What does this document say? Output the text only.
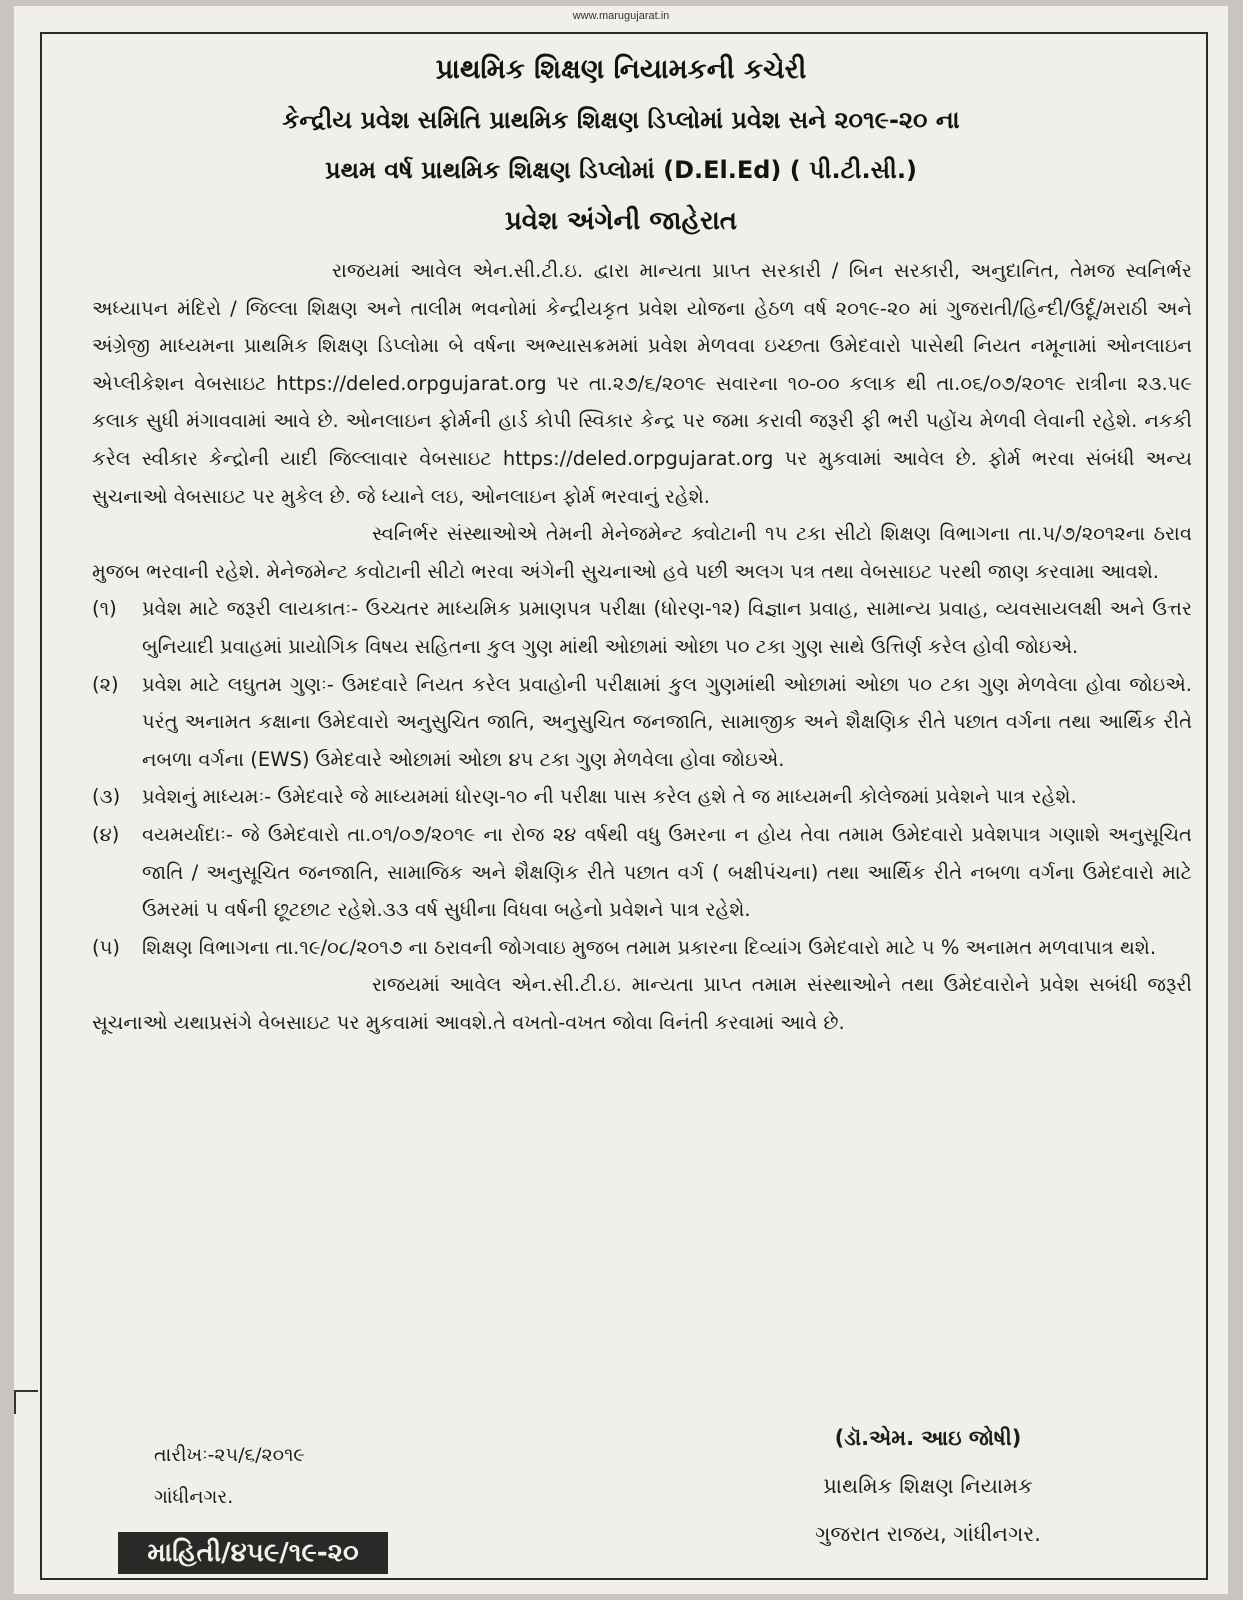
www.marugujarat.in
પ્રાથમિક શિક્ષણ નિયામકની કચેરી
કેન્દ્રીય પ્રવેશ સમિતિ પ્રાથમિક શિક્ષણ ડિપ્લોમાં પ્રવેશ સને ૨૦૧૯-૨૦ ના
પ્રથમ વર્ષ પ્રાથમિક શિક્ષણ ડિપ્લોમાં (D.El.Ed) ( પી.ટી.સી.)
પ્રવેશ અંગેની જાહેરાત

રાજયમાં આવેલ એન.સી.ટી.ઇ. દ્વારા માન્યતા પ્રાપ્ત સરકારી / બિન સરકારી, અનુદાનિત, તેમજ સ્વનિર્ભર અધ્યાપન મંદિરો / જિલ્લા શિક્ષણ અને તાલીમ ભવનોમાં કેન્દ્રીયકૃત પ્રવેશ યોજના હેઠળ વર્ષ ૨૦૧૯-૨૦ માં ગુજરાતી/હિન્દી/ઉર્દૂ/મરાઠી અને અંગ્રેજી માધ્યમના પ્રાથમિક શિક્ષણ ડિપ્લોમા બે વર્ષના અભ્યાસક્રમમાં પ્રવેશ મેળવવા ઇચ્છતા ઉમેદવારો પાસેથી નિયત નમૂનામાં ઓનલાઇન એપ્લીકેશન વેબસાઇટ https://deled.orpgujarat.org પર તા.૨૭/૬/૨૦૧૯ સવારના ૧૦-૦૦ કલાક થી તા.૦૬/૦૭/૨૦૧૯ રાત્રીના ૨૩.૫૯ કલાક સુધી મંગાવવામાં આવે છે. ઓનલાઇન ફોર્મની હાર્ડ કોપી સ્વિકાર કેન્દ્ર પર જમા કરાવી જરૂરી ફી ભરી પહોંચ મેળવી લેવાની રહેશે. નકકી કરેલ સ્વીકાર કેન્દ્રોની યાદી જિલ્લાવાર વેબસાઇટ https://deled.orpgujarat.org પર મુકવામાં આવેલ છે. ફોર્મ ભરવા સંબંધી અન્ય સુચનાઓ વેબસાઇટ પર મુકેલ છે. જે ધ્યાને લઇ, ઓનલાઇન ફોર્મ ભરવાનું રહેશે.

સ્વનિર્ભર સંસ્થાઓએ તેમની મેનેજમેન્ટ ક્વોટાની ૧૫ ટકા સીટો શિક્ષણ વિભાગના તા.૫/૭/૨૦૧૨ના ઠરાવ મુજબ ભરવાની રહેશે. મેનેજમેન્ટ કવોટાની સીટો ભરવા અંગેની સુચનાઓ હવે પછી અલગ પત્ર તથા વેબસાઇટ પરથી જાણ કરવામા આવશે.

(૧)	પ્રવેશ માટે જરૂરી લાયકાતઃ- ઉચ્ચતર માધ્યમિક પ્રમાણપત્ર પરીક્ષા (ધોરણ-૧૨) વિજ્ઞાન પ્રવાહ, સામાન્ય પ્રવાહ, વ્યવસાયલક્ષી અને ઉત્તર બુનિયાદી પ્રવાહમાં પ્રાયોગિક વિષય સહિતના કુલ ગુણ માંથી ઓછામાં ઓછા ૫૦ ટકા ગુણ સાથે ઉત્તિર્ણ કરેલ હોવી જોઇએ.
(૨)	પ્રવેશ માટે લઘુતમ ગુણઃ- ઉમદવારે નિયત કરેલ પ્રવાહોની પરીક્ષામાં કુલ ગુણમાંથી ઓછામાં ઓછા ૫૦ ટકા ગુણ મેળવેલા હોવા જોઇએ. પરંતુ અનામત કક્ષાના ઉમેદવારો અનુસુચિત જાતિ, અનુસુચિત જનજાતિ, સામાજીક અને શૈક્ષણિક રીતે પછાત વર્ગના તથા આર્થિક રીતે નબળા વર્ગના (EWS) ઉમેદવારે ઓછામાં ઓછા ૪૫ ટકા ગુણ મેળવેલા હોવા જોઇએ.
(૩)	પ્રવેશનું માધ્યમઃ- ઉમેદવારે જે માધ્યમમાં ધોરણ-૧૦ ની પરીક્ષા પાસ કરેલ હશે તે જ માધ્યમની કોલેજમાં પ્રવેશને પાત્ર રહેશે.
(૪)	વયમર્યાદાઃ- જે ઉમેદવારો તા.૦૧/૦૭/૨૦૧૯ ના રોજ ૨૪ વર્ષથી વધુ ઉમરના ન હોય તેવા તમામ ઉમેદવારો પ્રવેશપાત્ર ગણાશે અનુસૂચિત જાતિ / અનુસૂચિત જનજાતિ, સામાજિક અને શૈક્ષણિક રીતે પછાત વર્ગ ( બક્ષીપંચના) તથા આર્થિક રીતે નબળા વર્ગના ઉમેદવારો માટે ઉમરમાં ૫ વર્ષની છૂટછાટ રહેશે.૩૩ વર્ષ સુધીના વિધવા બહેનો પ્રવેશને પાત્ર રહેશે.
(૫)	શિક્ષણ વિભાગના તા.૧૯/૦૮/૨૦૧૭ ના ઠરાવની જોગવાઇ મુજબ તમામ પ્રકારના દિવ્યાંગ ઉમેદવારો માટે ૫ % અનામત મળવાપાત્ર થશે.

રાજયમાં આવેલ એન.સી.ટી.ઇ. માન્યતા પ્રાપ્ત તમામ સંસ્થાઓને તથા ઉમેદવારોને પ્રવેશ સબંધી જરૂરી સૂચનાઓ યથાપ્રસંગે વેબસાઇટ પર મુકવામાં આવશે.તે વખતો-વખત જોવા વિનંતી કરવામાં આવે છે.

તારીખઃ-૨૫/૬/૨૦૧૯
ગાંધીનગર.
(ડૉ.એમ. આઇ જોષી)
પ્રાથમિક શિક્ષણ નિયામક
ગુજરાત રાજય, ગાંધીનગર.
માહિતી/૪૫૯/૧૯-૨૦
